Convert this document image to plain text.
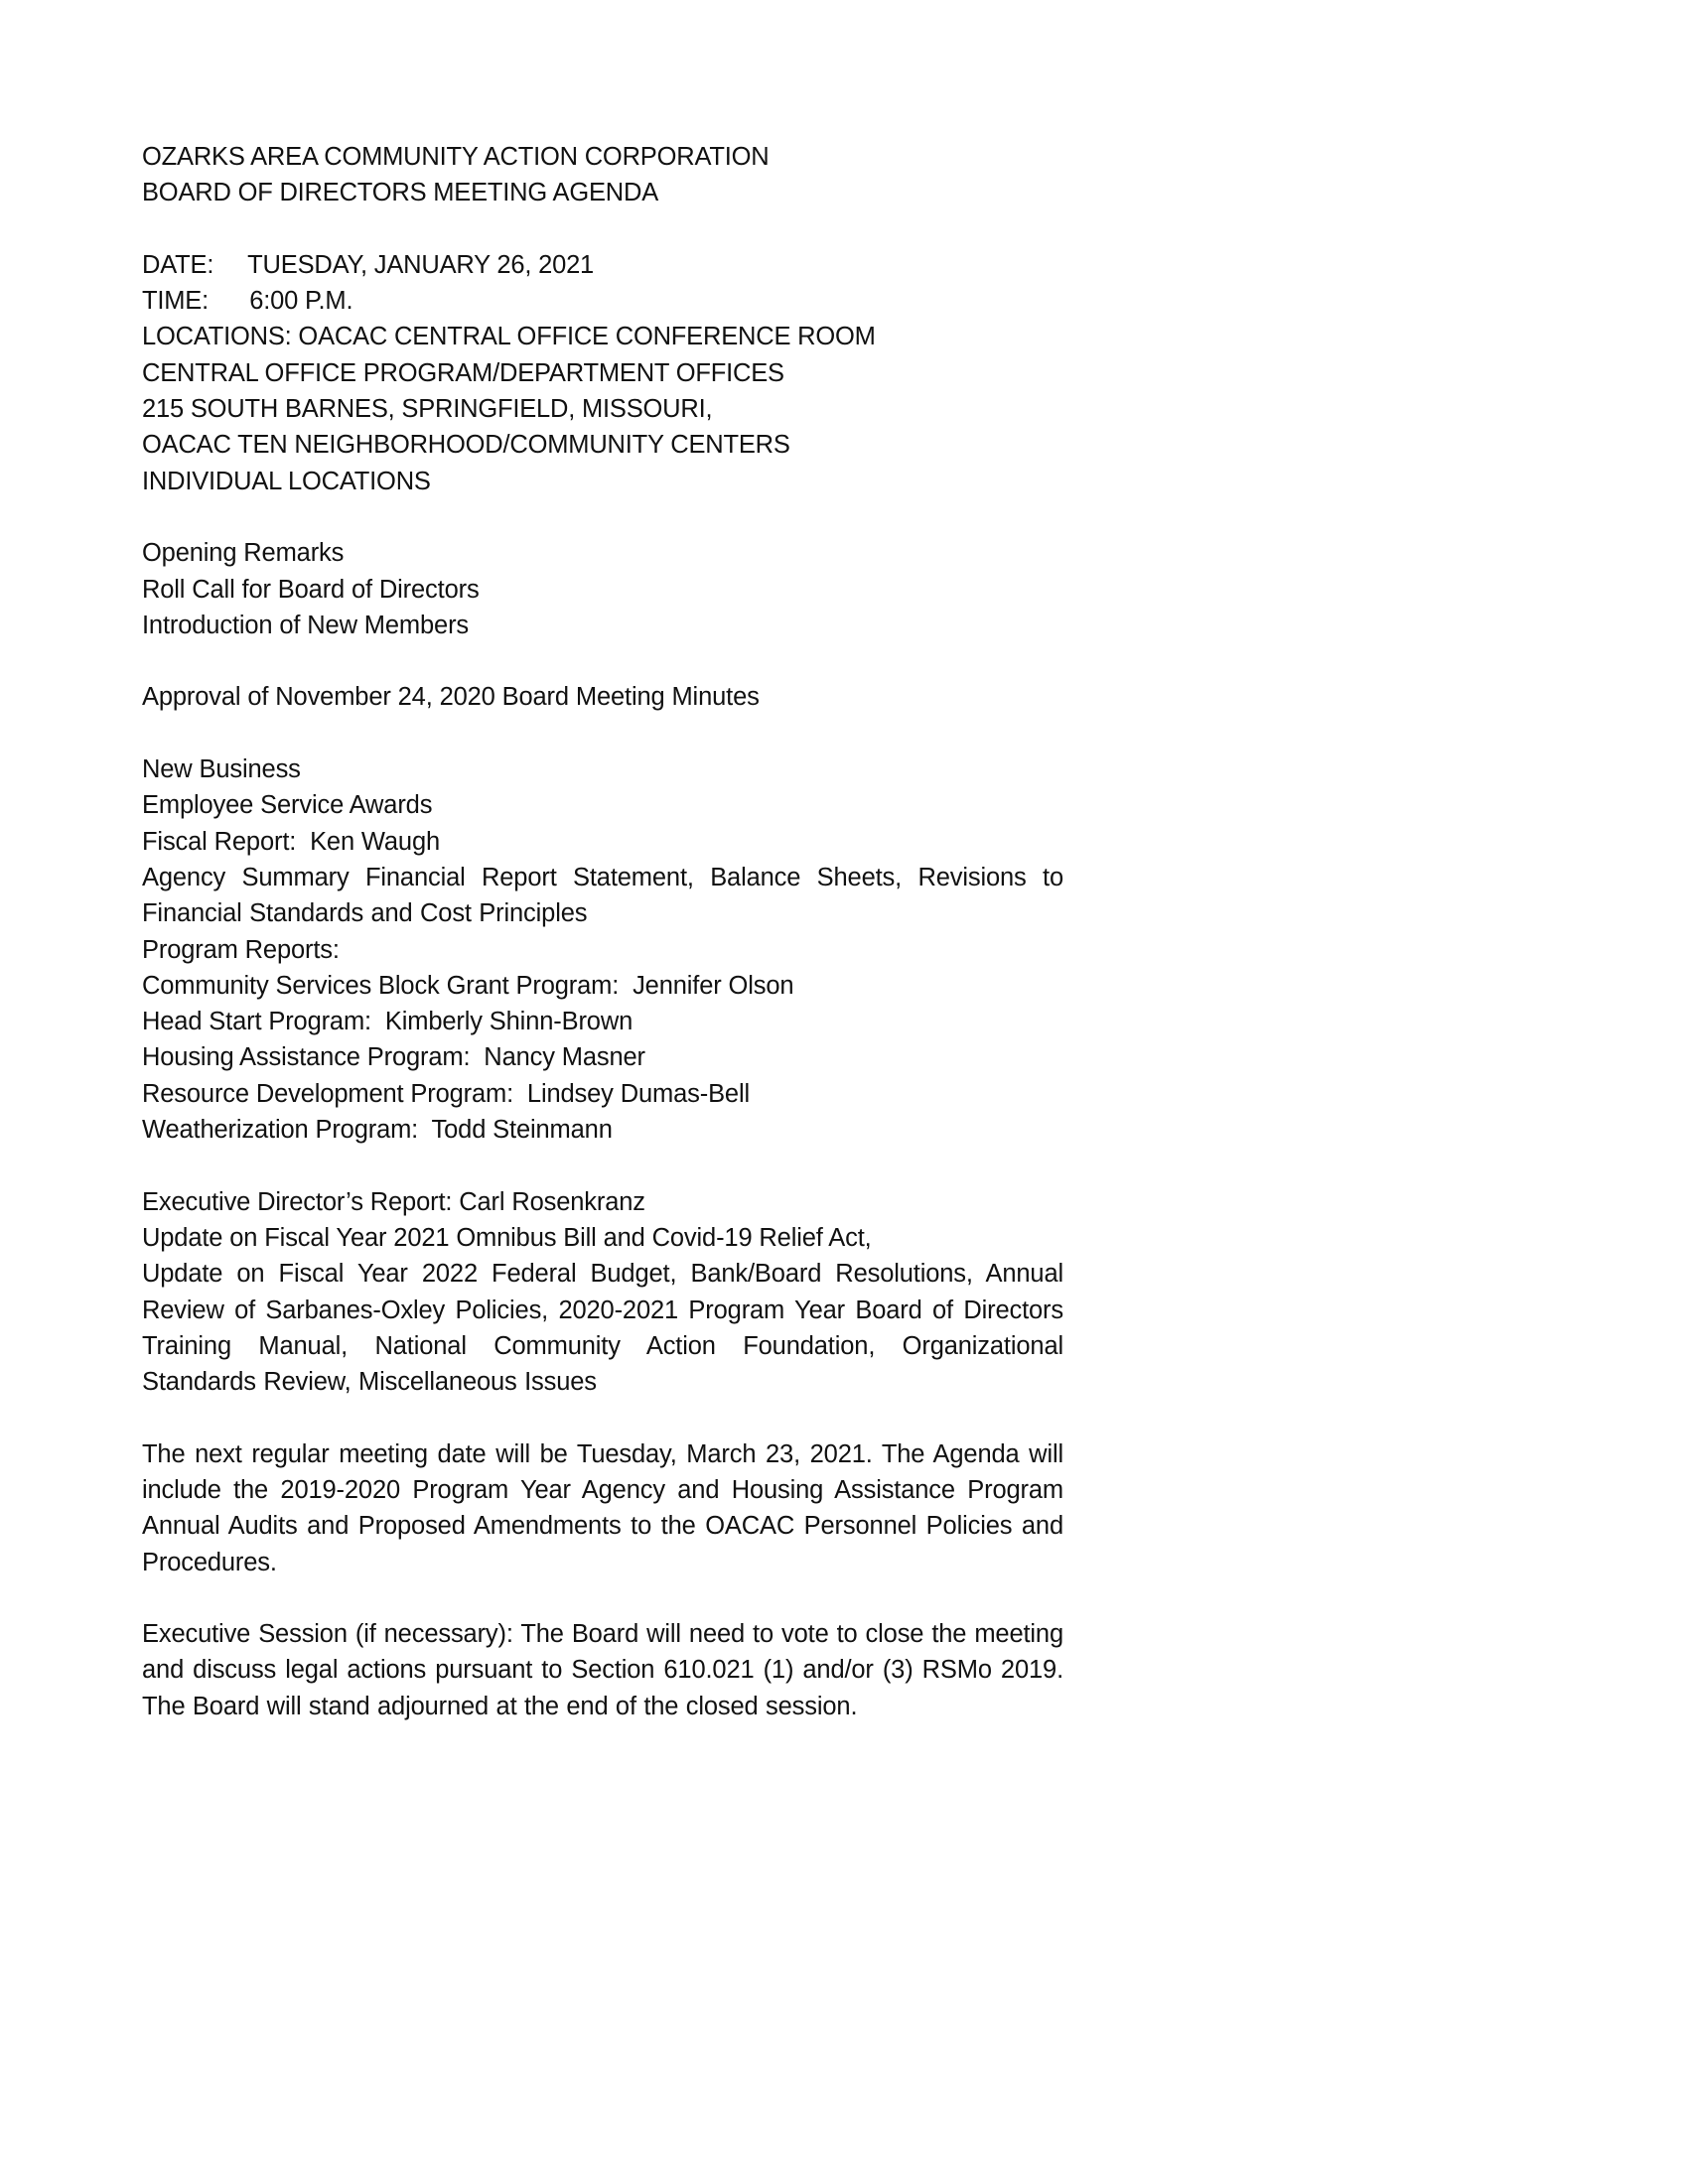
OZARKS AREA COMMUNITY ACTION CORPORATION

BOARD OF DIRECTORS MEETING AGENDA

DATE:     TUESDAY, JANUARY 26, 2021

TIME:      6:00 P.M.

LOCATIONS: OACAC CENTRAL OFFICE CONFERENCE ROOM

CENTRAL OFFICE PROGRAM/DEPARTMENT OFFICES

215 SOUTH BARNES, SPRINGFIELD, MISSOURI,

OACAC TEN NEIGHBORHOOD/COMMUNITY CENTERS

INDIVIDUAL LOCATIONS

Opening Remarks

Roll Call for Board of Directors

Introduction of New Members

Approval of November 24, 2020 Board Meeting Minutes

New Business

Employee Service Awards

Fiscal Report:  Ken Waugh

Agency Summary Financial Report Statement, Balance Sheets, Revisions to Financial Standards and Cost Principles

Program Reports:

Community Services Block Grant Program:  Jennifer Olson

Head Start Program:  Kimberly Shinn-Brown

Housing Assistance Program:  Nancy Masner

Resource Development Program:  Lindsey Dumas-Bell

Weatherization Program:  Todd Steinmann

Executive Director’s Report: Carl Rosenkranz

Update on Fiscal Year 2021 Omnibus Bill and Covid-19 Relief Act,

Update on Fiscal Year 2022 Federal Budget, Bank/Board Resolutions, Annual Review of Sarbanes-Oxley Policies, 2020-2021 Program Year Board of Directors Training Manual, National Community Action Foundation, Organizational Standards Review, Miscellaneous Issues

The next regular meeting date will be Tuesday, March 23, 2021. The Agenda will include the 2019-2020 Program Year Agency and Housing Assistance Program Annual Audits and Proposed Amendments to the OACAC Personnel Policies and Procedures.

Executive Session (if necessary): The Board will need to vote to close the meeting and discuss legal actions pursuant to Section 610.021 (1) and/or (3) RSMo 2019. The Board will stand adjourned at the end of the closed session.
